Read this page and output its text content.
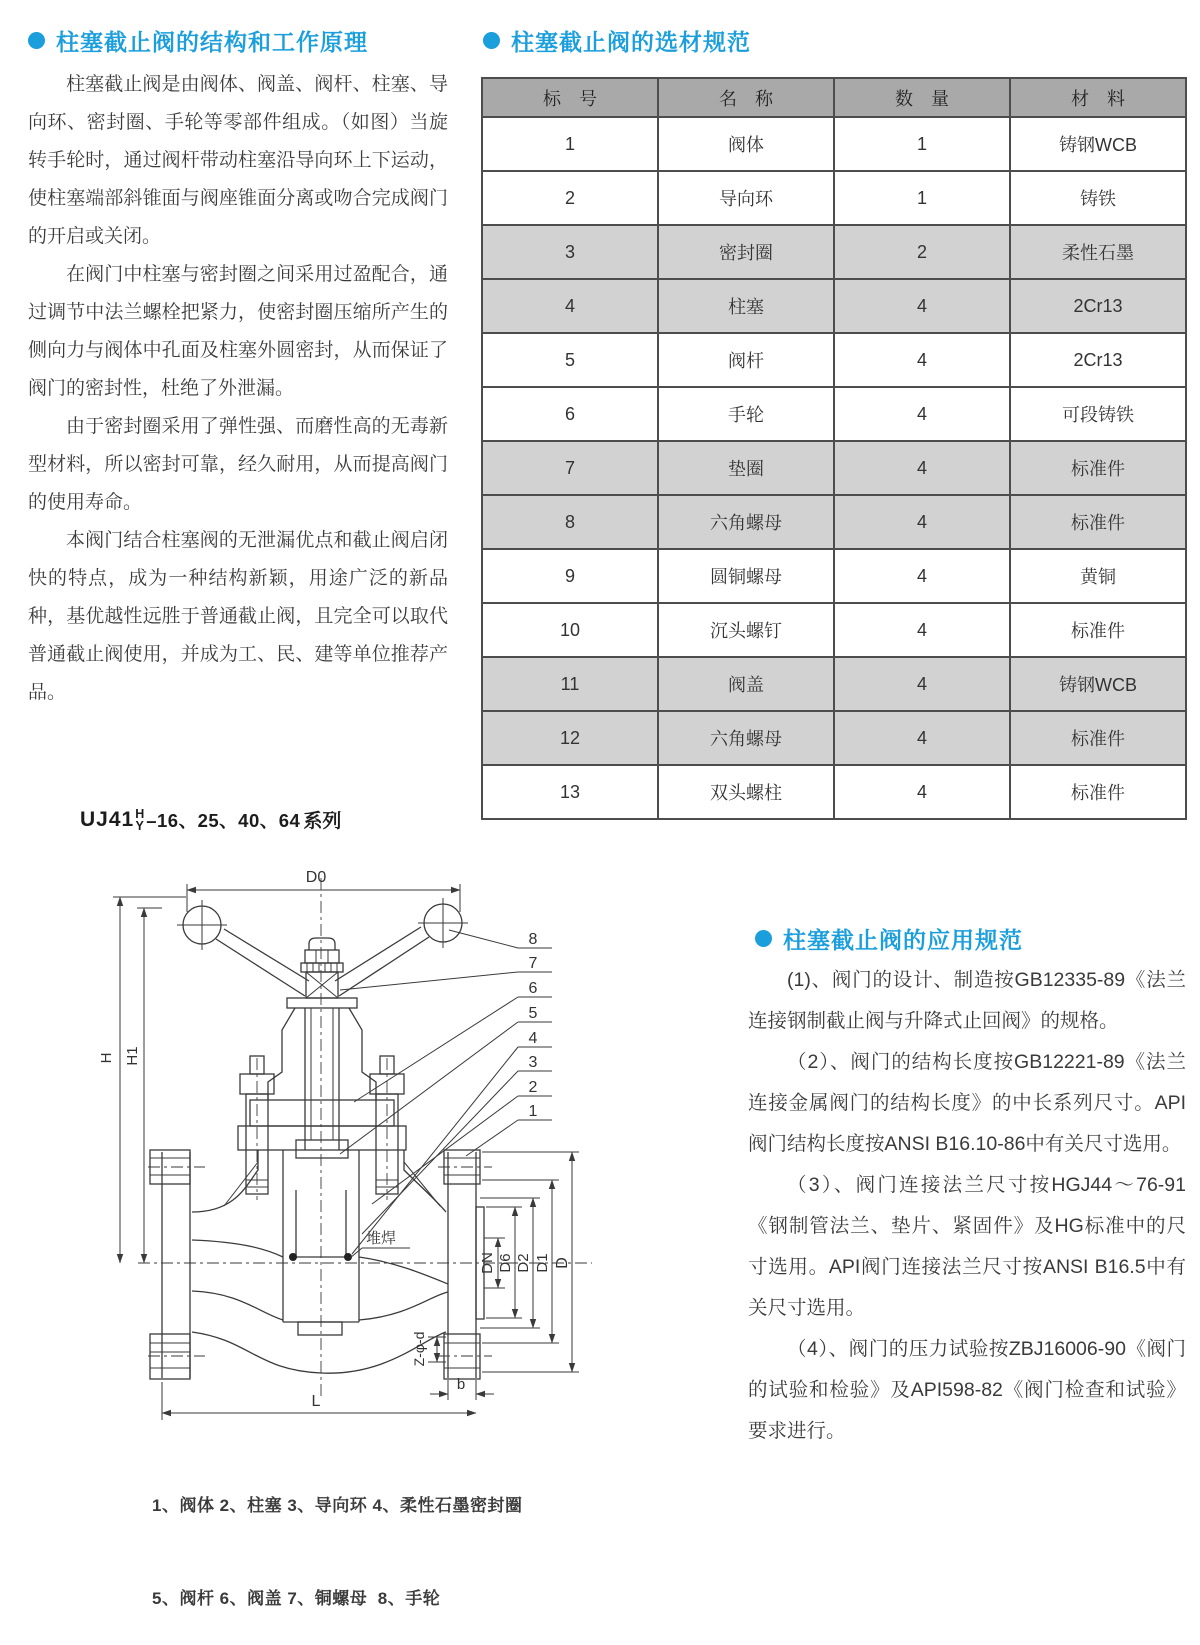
柱塞截止阀的结构和工作原理

柱塞截止阀是由阀体、阀盖、阀杆、柱塞、导向环、密封圈、手轮等零部件组成。（如图）当旋转手轮时，通过阀杆带动柱塞沿导向环上下运动，使柱塞端部斜锥面与阀座锥面分离或吻合完成阀门的开启或关闭。

在阀门中柱塞与密封圈之间采用过盈配合，通过调节中法兰螺栓把紧力，使密封圈压缩所产生的侧向力与阀体中孔面及柱塞外圆密封，从而保证了阀门的密封性，杜绝了外泄漏。

由于密封圈采用了弹性强、而磨性高的无毒新型材料，所以密封可靠，经久耐用，从而提高阀门的使用寿命。

本阀门结合柱塞阀的无泄漏优点和截止阀启闭快的特点，成为一种结构新颖，用途广泛的新品种，基优越性远胜于普通截止阀，且完全可以取代普通截止阀使用，并成为工、民、建等单位推荐产品。

柱塞截止阀的选材规范
标　号	名　称	数　量	材　料
1	阀体	1	铸钢WCB
2	导向环	1	铸铁
3	密封圈	2	柔性石墨
4	柱塞	4	2Cr13
5	阀杆	4	2Cr13
6	手轮	4	可段铸铁
7	垫圈	4	标准件
8	六角螺母	4	标准件
9	圆铜螺母	4	黄铜
10	沉头螺钉	4	标准件
11	阀盖	4	铸钢WCB
12	六角螺母	4	标准件
13	双头螺柱	4	标准件
UJ41 H
Y –16、25、40、64 系列
D0
H H1
DN D6 D2 D1 D
Z-φ-d
b
L
堆焊
8
7
6
5
4
3
2
1

1、阀体 2、柱塞 3、导向环 4、柔性石墨密封圈

5、阀杆 6、阀盖 7、铜螺母  8、手轮

柱塞截止阀的应用规范

(1)、阀门的设计、制造按GB12335-89《法兰连接钢制截止阀与升降式止回阀》的规格。

（2）、阀门的结构长度按GB12221-89《法兰连接金属阀门的结构长度》的中长系列尺寸。API阀门结构长度按ANSI B16.10-86中有关尺寸选用。

（3）、阀门连接法兰尺寸按HGJ44～76-91《钢制管法兰、垫片、紧固件》及HG标准中的尺寸选用。API阀门连接法兰尺寸按ANSI B16.5中有关尺寸选用。

（4）、阀门的压力试验按ZBJ16006-90《阀门的试验和检验》及API598-82《阀门检查和试验》要求进行。
